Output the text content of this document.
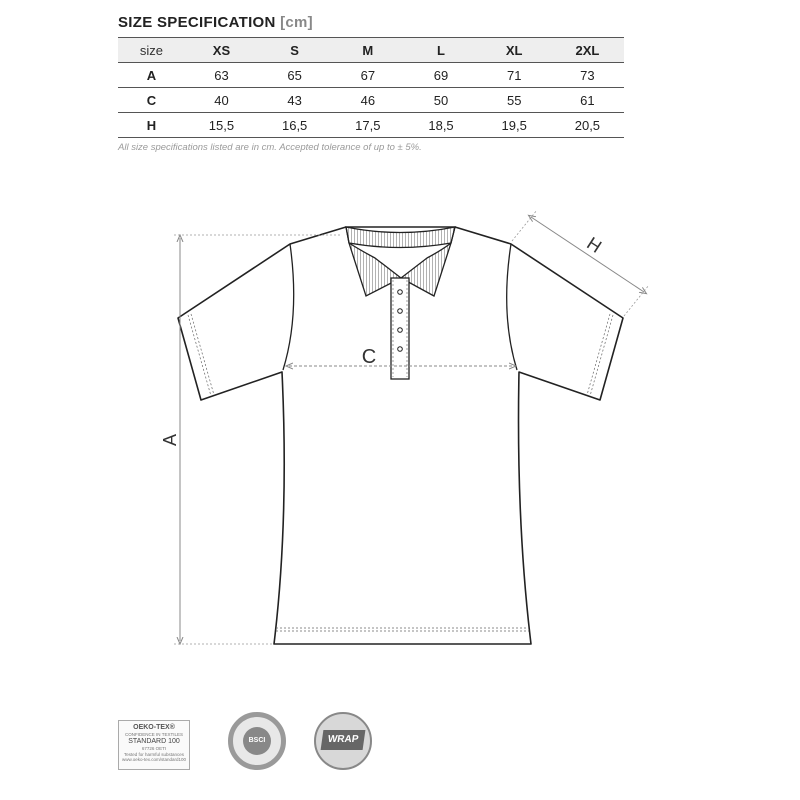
SIZE SPECIFICATION [cm]
size	XS	S	M	L	XL	2XL
A	63	65	67	69	71	73
C	40	43	46	50	55	61
H	15,5	16,5	17,5	18,5	19,5	20,5
All size specifications listed are in cm. Accepted tolerance of up to ± 5%.
A
C
H
OEKO-TEX®
CONFIDENCE IN TEXTILES
STANDARD 100
67726 OETI
Tested for harmful substances
www.oeko-tex.com/standard100
BSCI	WRAP
